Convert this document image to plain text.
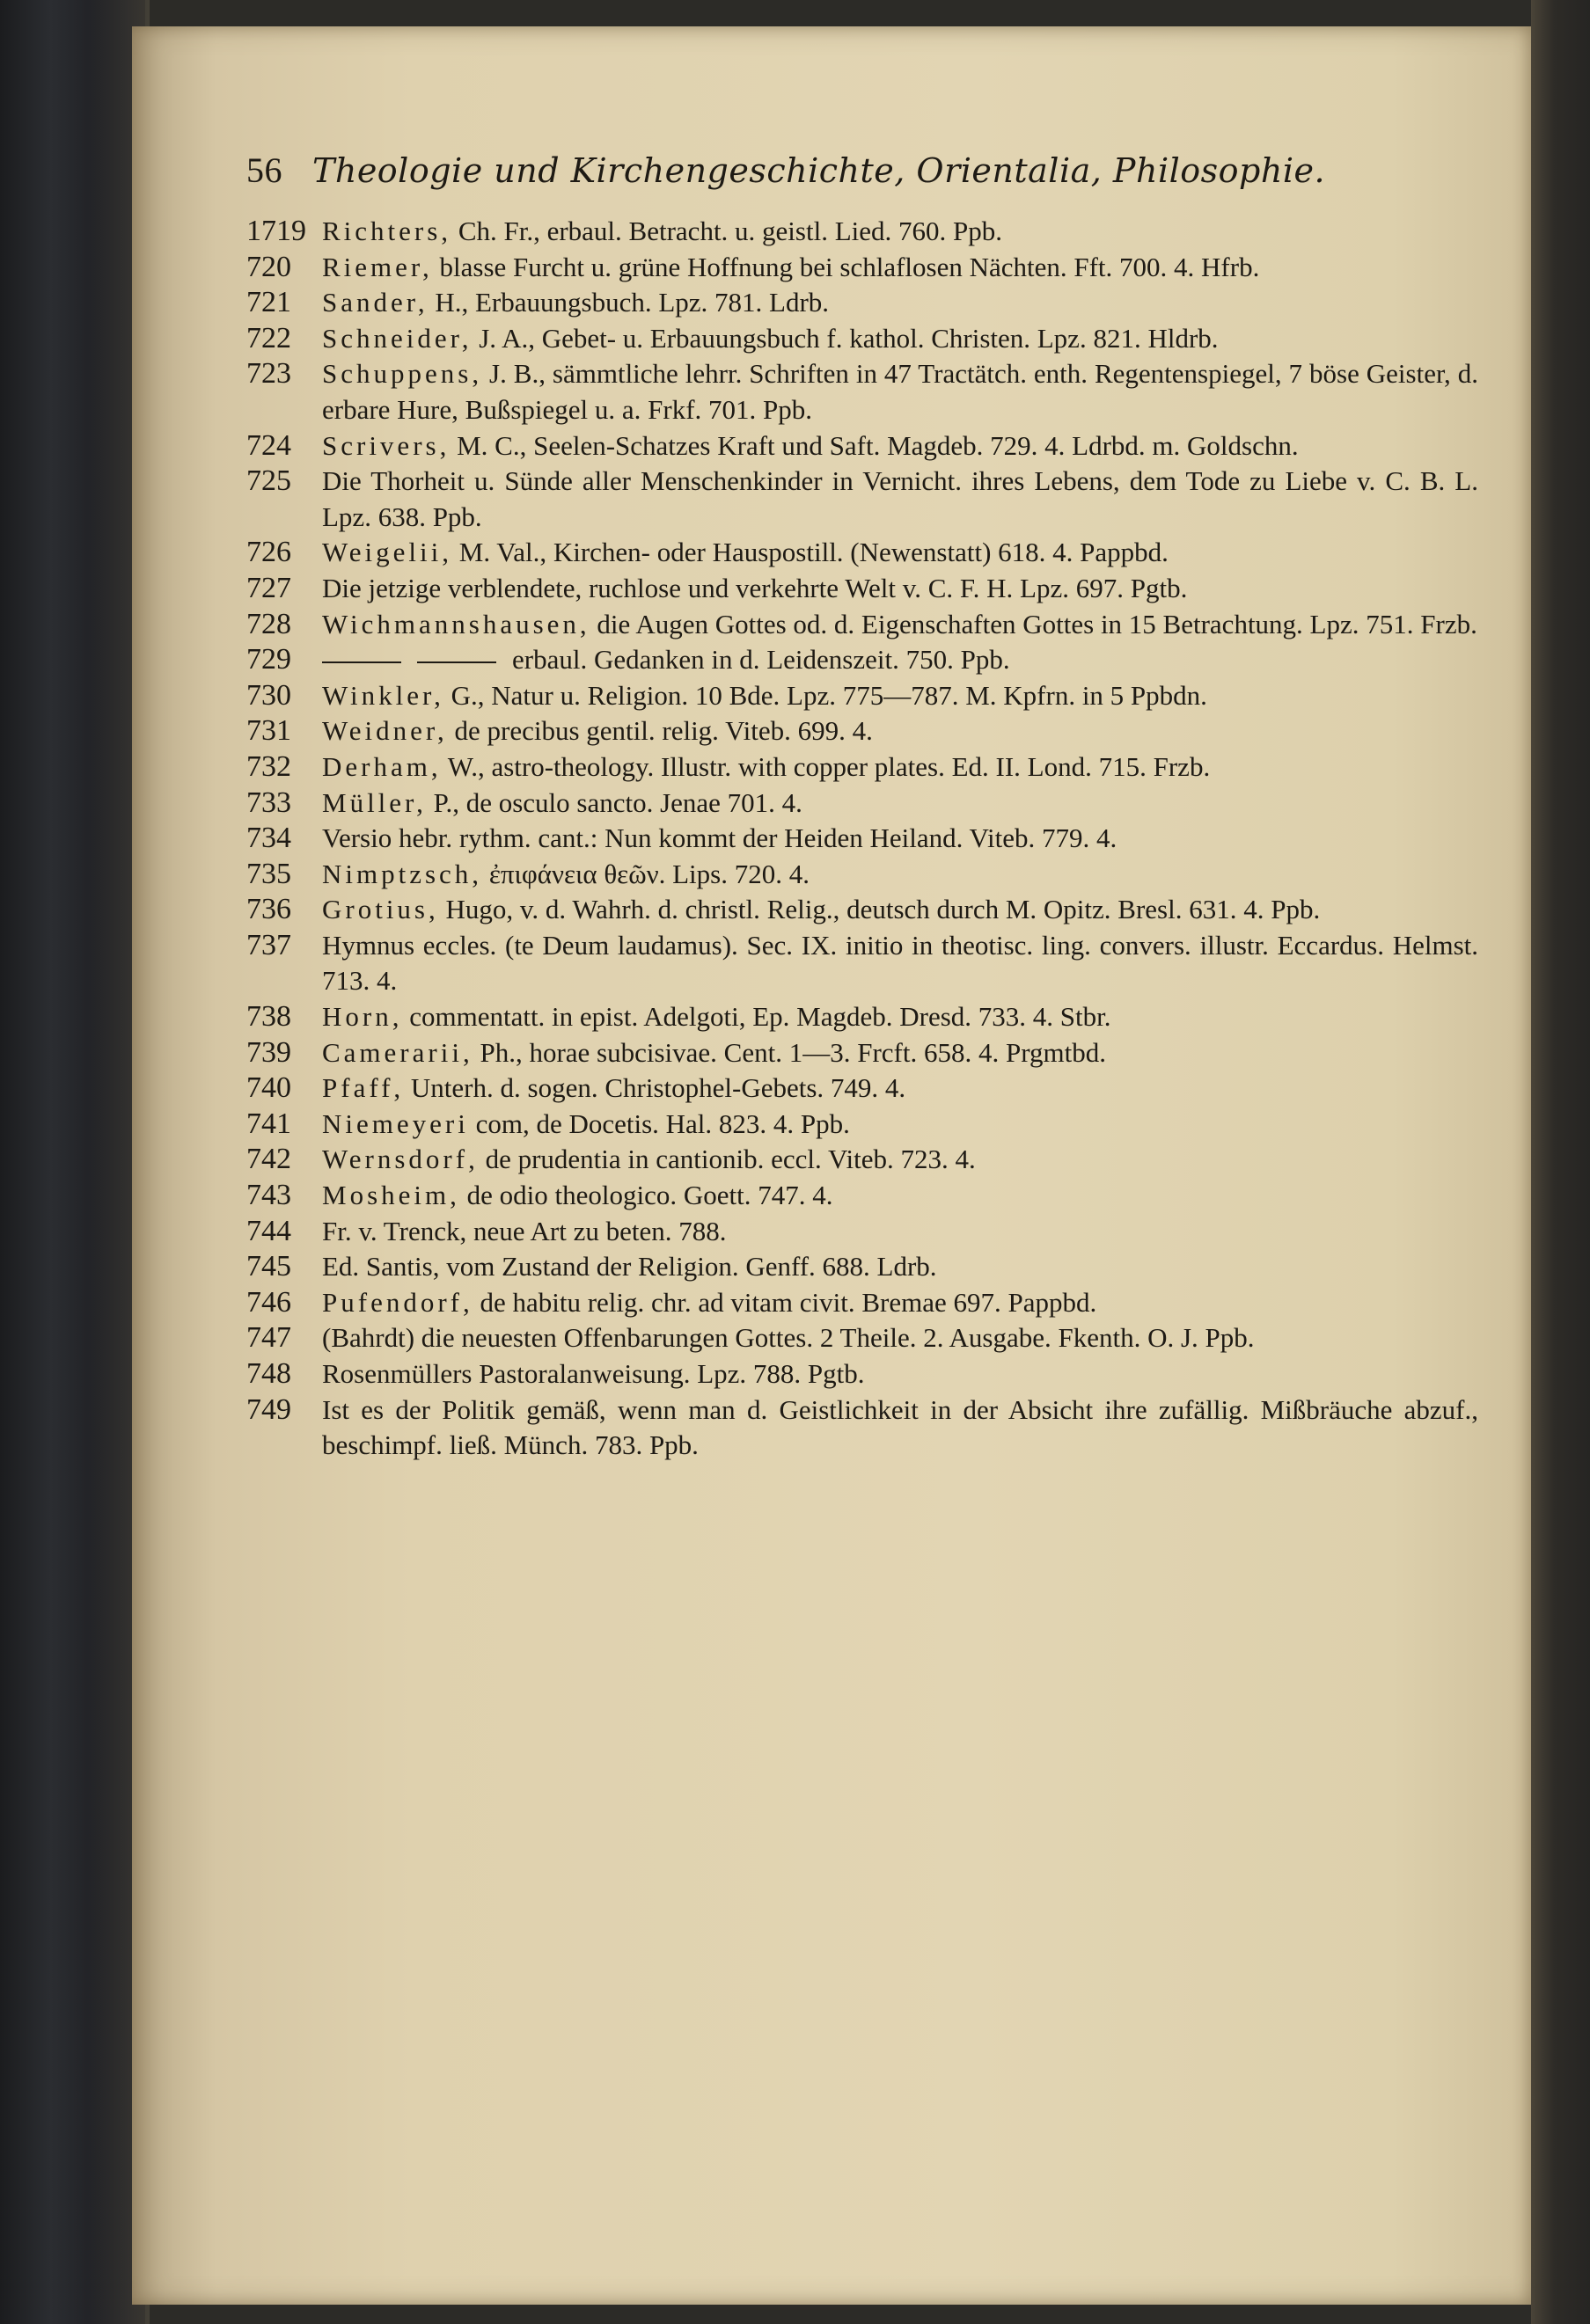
56 Theologie und Kirchengeschichte, Orientalia, Philosophie.
1719 Richters, Ch. Fr., erbaul. Betracht. u. geistl. Lied. 760. Ppb.
720	Riemer, blasse Furcht u. grüne Hoffnung bei schlaflosen Nächten. Fft. 700. 4. Hfrb.
721	Sander, H., Erbauungsbuch. Lpz. 781. Ldrb.
722	Schneider, J. A., Gebet- u. Erbauungsbuch f. kathol. Christen. Lpz. 821. Hldrb.
723	Schuppens, J. B., sämmtliche lehrr. Schriften in 47 Tractätch. enth. Regentenspiegel, 7 böse Geister, d. erbare Hure, Bußspiegel u. a. Frkf. 701. Ppb.
724	Scrivers, M. C., Seelen-Schatzes Kraft und Saft. Magdeb. 729. 4. Ldrbd. m. Goldschn.
725	Die Thorheit u. Sünde aller Menschenkinder in Vernicht. ihres Lebens, dem Tode zu Liebe v. C. B. L. Lpz. 638. Ppb.
726	Weigelii, M. Val., Kirchen- oder Hauspostill. (Newenstatt) 618. 4. Pappbd.
727	Die jetzige verblendete, ruchlose und verkehrte Welt v. C. F. H. Lpz. 697. Pgtb.
728	Wichmannshausen, die Augen Gottes od. d. Eigenschaften Gottes in 15 Betrachtung. Lpz. 751. Frzb.
729	erbaul. Gedanken in d. Leidenszeit. 750. Ppb.
730	Winkler, G., Natur u. Religion. 10 Bde. Lpz. 775—787. M. Kpfrn. in 5 Ppbdn.
731	Weidner, de precibus gentil. relig. Viteb. 699. 4.
732	Derham, W., astro-theology. Illustr. with copper plates. Ed. II. Lond. 715. Frzb.
733	Müller, P., de osculo sancto. Jenae 701. 4.
734	Versio hebr. rythm. cant.: Nun kommt der Heiden Heiland. Viteb. 779. 4.
735	Nimptzsch, ἐπιφάνεια θεῶν. Lips. 720. 4.
736	Grotius, Hugo, v. d. Wahrh. d. christl. Relig., deutsch durch M. Opitz. Bresl. 631. 4. Ppb.
737	Hymnus eccles. (te Deum laudamus). Sec. IX. initio in theotisc. ling. convers. illustr. Eccardus. Helmst. 713. 4.
738	Horn, commentatt. in epist. Adelgoti, Ep. Magdeb. Dresd. 733. 4. Stbr.
739	Camerarii, Ph., horae subcisivae. Cent. 1—3. Frcft. 658. 4. Prgmtbd.
740	Pfaff, Unterh. d. sogen. Christophel-Gebets. 749. 4.
741	Niemeyeri com, de Docetis. Hal. 823. 4. Ppb.
742	Wernsdorf, de prudentia in cantionib. eccl. Viteb. 723. 4.
743	Mosheim, de odio theologico. Goett. 747. 4.
744	Fr. v. Trenck, neue Art zu beten. 788.
745	Ed. Santis, vom Zustand der Religion. Genff. 688. Ldrb.
746	Pufendorf, de habitu relig. chr. ad vitam civit. Bremae 697. Pappbd.
747	(Bahrdt) die neuesten Offenbarungen Gottes. 2 Theile. 2. Ausgabe. Fkenth. O. J. Ppb.
748	Rosenmüllers Pastoralanweisung. Lpz. 788. Pgtb.
749	Ist es der Politik gemäß, wenn man d. Geistlichkeit in der Absicht ihre zufällig. Mißbräuche abzuf., beschimpf. ließ. Münch. 783. Ppb.
